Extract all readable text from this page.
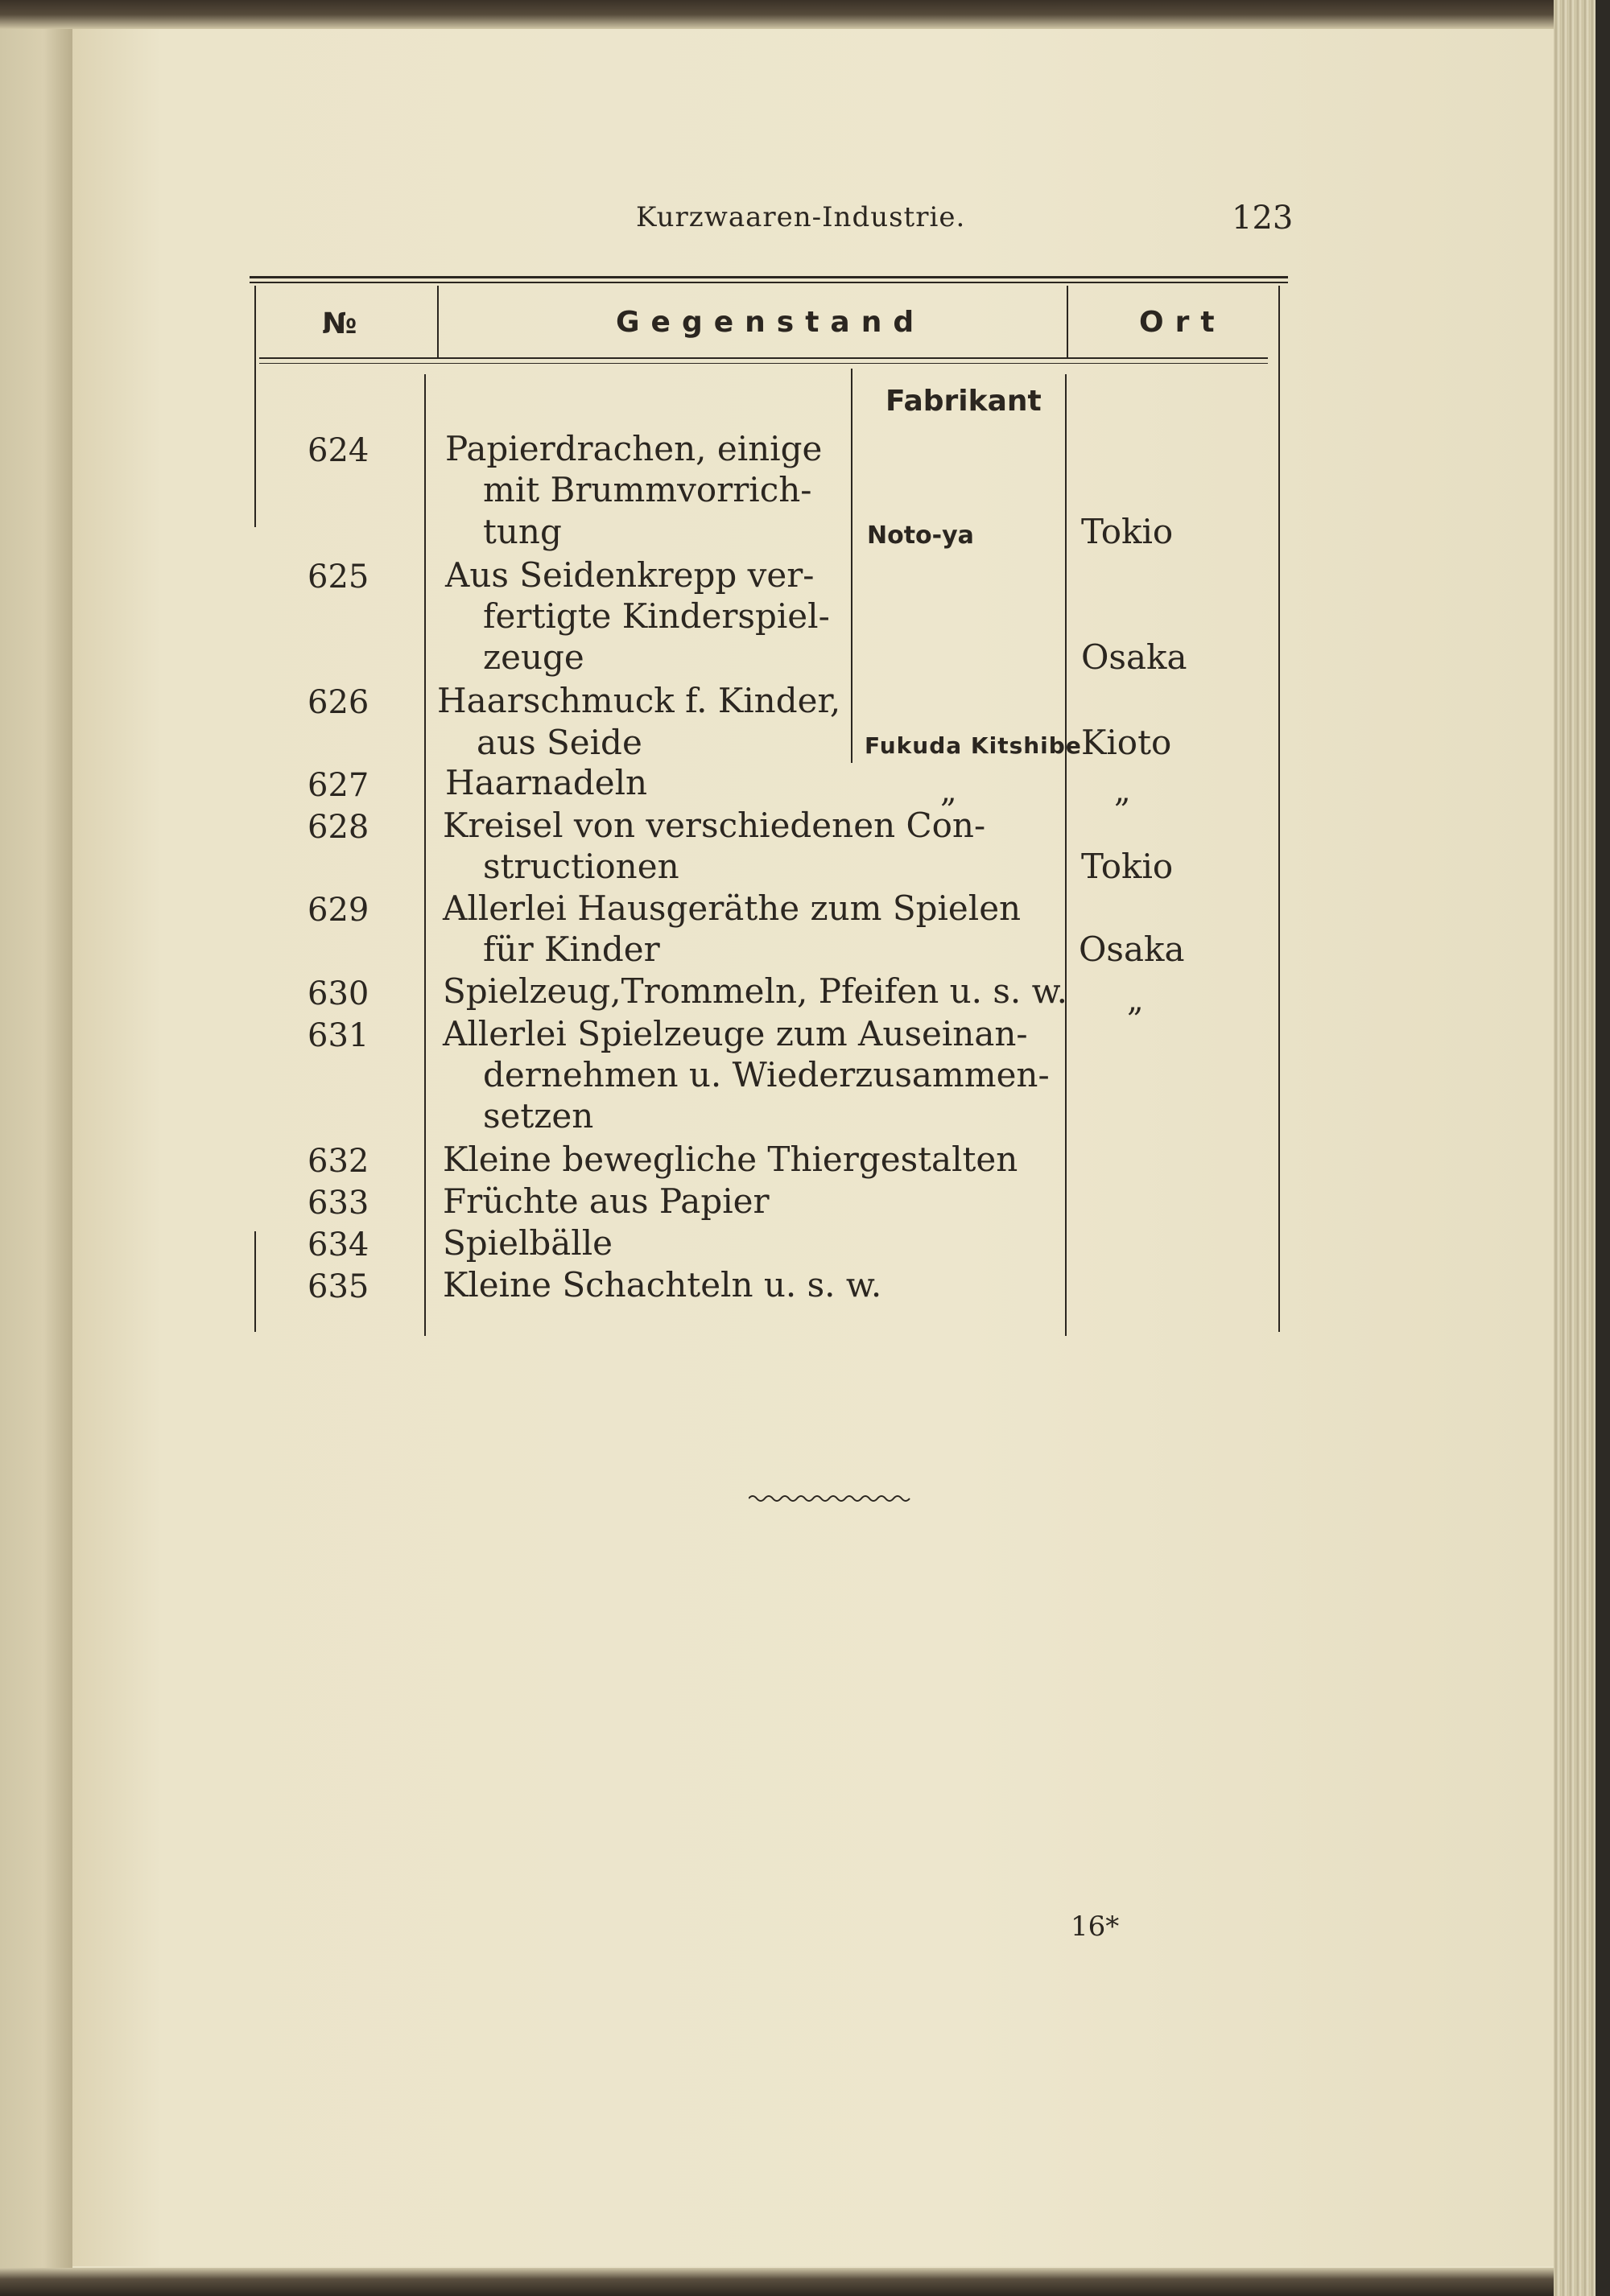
Kurzwaaren-Industrie.	123
№	Gegenstand	Ort
Fabrikant
624 Papierdrachen, einige
mit Brummvorrich-
tung	Noto-ya	Tokio
625 Aus Seidenkrepp ver-
fertigte Kinderspiel-
zeuge	Osaka
626 Haarschmuck f. Kinder,
aus Seide	Fukuda Kitshibe Kioto
627 Haarnadeln	„	„
628 Kreisel von verschiedenen Con-
structionen	Tokio
629 Allerlei Hausgeräthe zum Spielen
für Kinder	Osaka
630 Spielzeug,Trommeln, Pfeifen u. s. w. „
631 Allerlei Spielzeuge zum Auseinan-
dernehmen u. Wiederzusammen-
setzen
632 Kleine bewegliche Thiergestalten
633 Früchte aus Papier
634 Spielbälle
635 Kleine Schachteln u. s. w.
16*
